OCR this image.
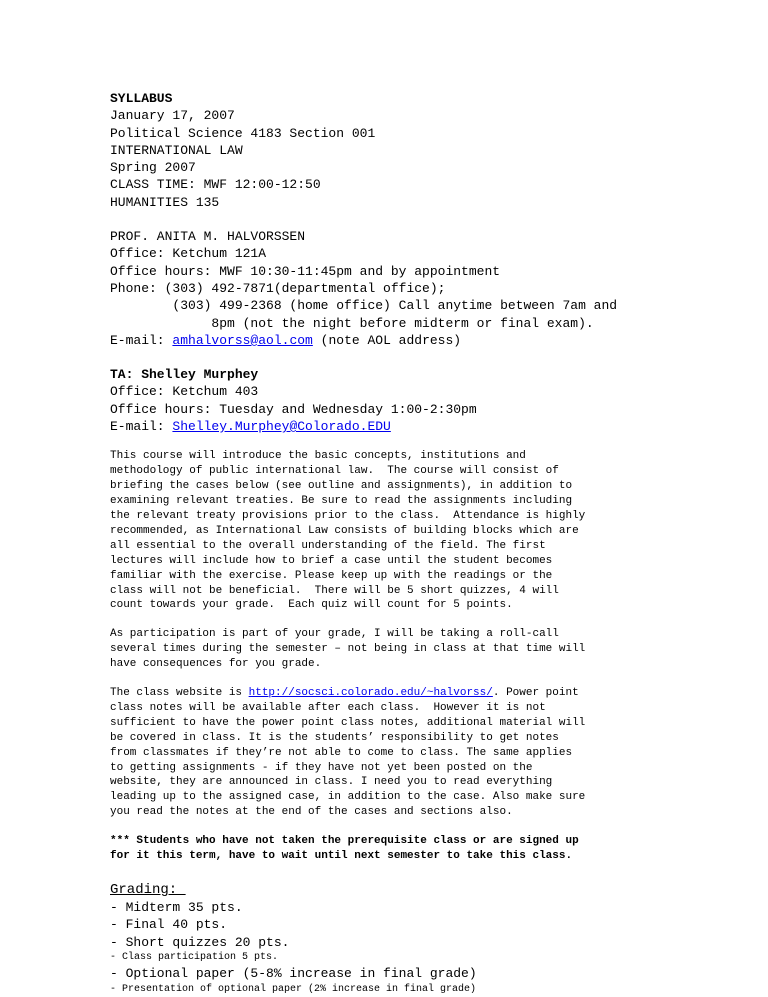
SYLLABUS
January 17, 2007
Political Science 4183 Section 001
INTERNATIONAL LAW
Spring 2007
CLASS TIME: MWF 12:00-12:50
HUMANITIES 135
PROF. ANITA M. HALVORSSEN
Office: Ketchum 121A
Office hours: MWF 10:30-11:45pm and by appointment
Phone: (303) 492-7871(departmental office);
(303) 499-2368 (home office) Call anytime between 7am and
8pm (not the night before midterm or final exam).
E-mail: amhalvorss@aol.com (note AOL address)
TA: Shelley Murphey
Office: Ketchum 403
Office hours: Tuesday and Wednesday 1:00-2:30pm
E-mail: Shelley.Murphey@Colorado.EDU
This course will introduce the basic concepts, institutions and
methodology of public international law.  The course will consist of
briefing the cases below (see outline and assignments), in addition to
examining relevant treaties. Be sure to read the assignments including
the relevant treaty provisions prior to the class.  Attendance is highly
recommended, as International Law consists of building blocks which are
all essential to the overall understanding of the field. The first
lectures will include how to brief a case until the student becomes
familiar with the exercise. Please keep up with the readings or the
class will not be beneficial.  There will be 5 short quizzes, 4 will
count towards your grade.  Each quiz will count for 5 points.
As participation is part of your grade, I will be taking a roll-call
several times during the semester – not being in class at that time will
have consequences for you grade.
The class website is http://socsci.colorado.edu/~halvorss/. Power point
class notes will be available after each class.  However it is not
sufficient to have the power point class notes, additional material will
be covered in class. It is the students’ responsibility to get notes
from classmates if they’re not able to come to class. The same applies
to getting assignments - if they have not yet been posted on the
website, they are announced in class. I need you to read everything
leading up to the assigned case, in addition to the case. Also make sure
you read the notes at the end of the cases and sections also.
*** Students who have not taken the prerequisite class or are signed up
for it this term, have to wait until next semester to take this class.
Grading:
- Midterm 35 pts.
- Final 40 pts.
- Short quizzes 20 pts.
- Class participation 5 pts.
- Optional paper (5-8% increase in final grade)
- Presentation of optional paper (2% increase in final grade)
